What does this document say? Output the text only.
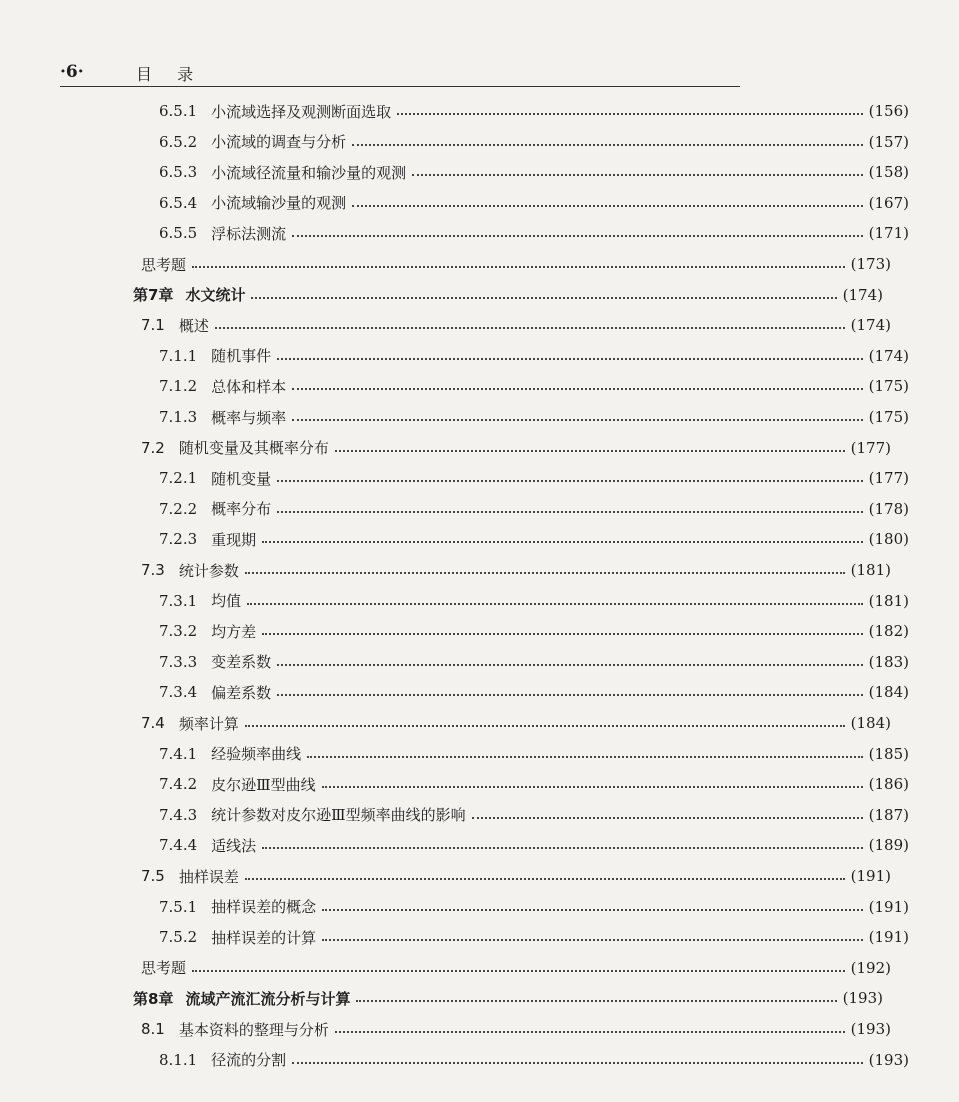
·6·	目 录
6.5.1 小流域选择及观测断面选取	(156)
6.5.2 小流域的调查与分析	(157)
6.5.3 小流域径流量和输沙量的观测	(158)
6.5.4 小流域输沙量的观测	(167)
6.5.5 浮标法测流	(171)
思考题	(173)
第7章 水文统计	(174)
7.1 概述	(174)
7.1.1 随机事件	(174)
7.1.2 总体和样本	(175)
7.1.3 概率与频率	(175)
7.2 随机变量及其概率分布	(177)
7.2.1 随机变量	(177)
7.2.2 概率分布	(178)
7.2.3 重现期	(180)
7.3 统计参数	(181)
7.3.1 均值	(181)
7.3.2 均方差	(182)
7.3.3 变差系数	(183)
7.3.4 偏差系数	(184)
7.4 频率计算	(184)
7.4.1 经验频率曲线	(185)
7.4.2 皮尔逊Ⅲ型曲线	(186)
7.4.3 统计参数对皮尔逊Ⅲ型频率曲线的影响	(187)
7.4.4 适线法	(189)
7.5 抽样误差	(191)
7.5.1 抽样误差的概念	(191)
7.5.2 抽样误差的计算	(191)
思考题	(192)
第8章 流域产流汇流分析与计算	(193)
8.1 基本资料的整理与分析	(193)
8.1.1 径流的分割	(193)
